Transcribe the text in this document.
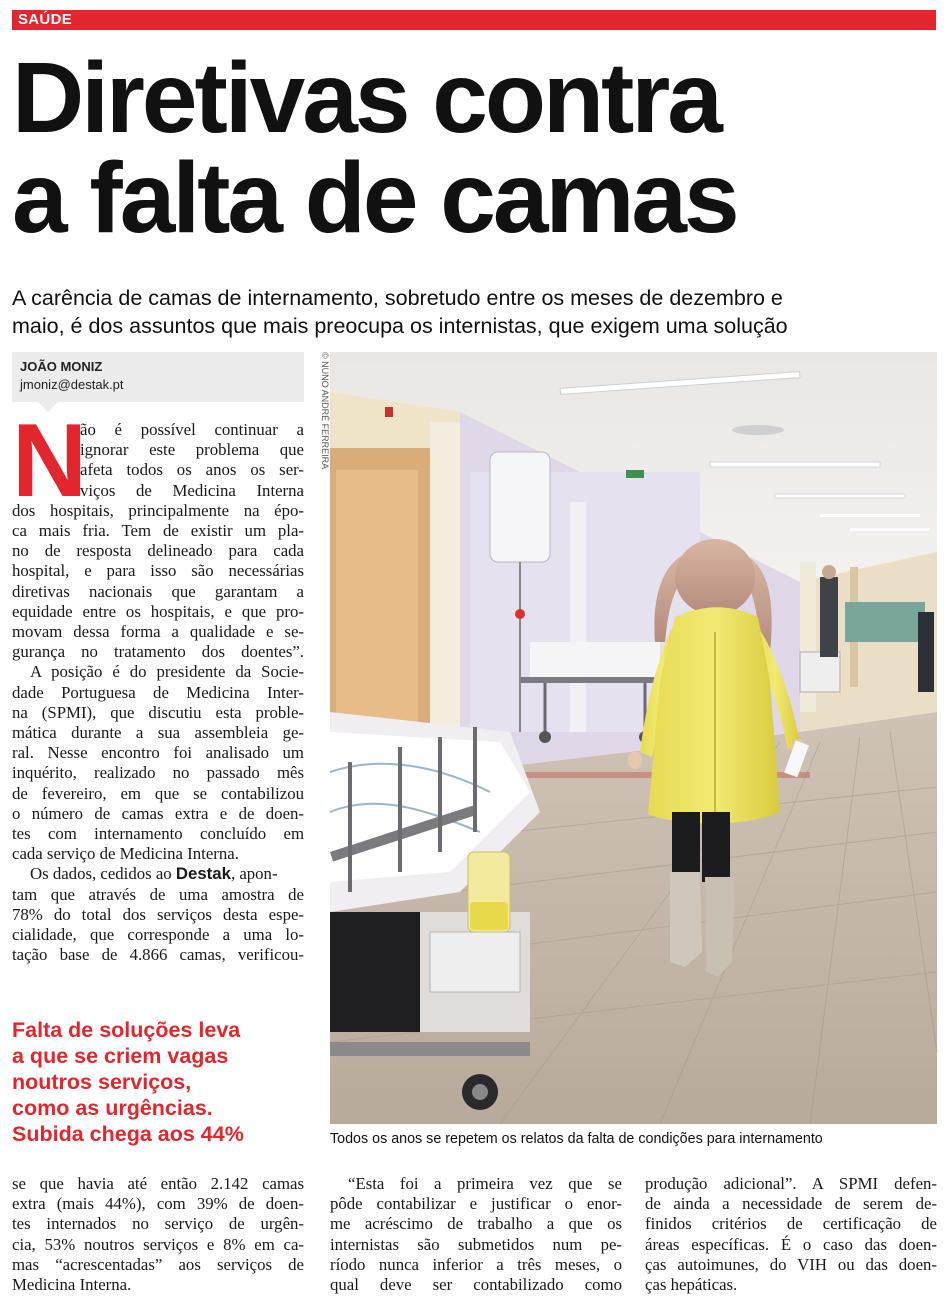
SAÚDE
Diretivas contra
a falta de camas

A carência de camas de internamento, sobretudo entre os meses de dezembro e
maio, é dos assuntos que mais preocupa os internistas, que exigem uma solução

JOÃO MONIZ
jmoniz@destak.pt
N
ão é possível continuar a
ignorar este problema que
afeta todos os anos os ser-
viços de Medicina Interna
dos hospitais, principalmente na épo-
ca mais fria. Tem de existir um pla-
no de resposta delineado para cada
hospital, e para isso são necessárias
diretivas nacionais que garantam a
equidade entre os hospitais, e que pro-
movam dessa forma a qualidade e se-
gurança no tratamento dos doentes”.
A posição é do presidente da Socie-
dade Portuguesa de Medicina Inter-
na (SPMI), que discutiu esta proble-
mática durante a sua assembleia ge-
ral. Nesse encontro foi analisado um
inquérito, realizado no passado mês
de fevereiro, em que se contabilizou
o número de camas extra e de doen-
tes com internamento concluído em
cada serviço de Medicina Interna.
Os dados, cedidos ao Destak, apon-
tam que através de uma amostra de
78% do total dos serviços desta espe-
cialidade, que corresponde a uma lo-
tação base de 4.866 camas, verificou-
Falta de soluções leva
a que se criem vagas
noutros serviços,
como as urgências.
Subida chega aos 44%
© NUNO ANDRÉ FERREIRA
Todos os anos se repetem os relatos da falta de condições para internamento
se que havia até então 2.142 camas
extra (mais 44%), com 39% de doen-
tes internados no serviço de urgên-
cia, 53% noutros serviços e 8% em ca-
mas “acrescentadas” aos serviços de
Medicina Interna.
“Esta foi a primeira vez que se
pôde contabilizar e justificar o enor-
me acréscimo de trabalho a que os
internistas são submetidos num pe-
ríodo nunca inferior a três meses, o
qual deve ser contabilizado como
produção adicional”. A SPMI defen-
de ainda a necessidade de serem de-
finidos critérios de certificação de
áreas específicas. É o caso das doen-
ças autoimunes, do VIH ou das doen-
ças hepáticas.
